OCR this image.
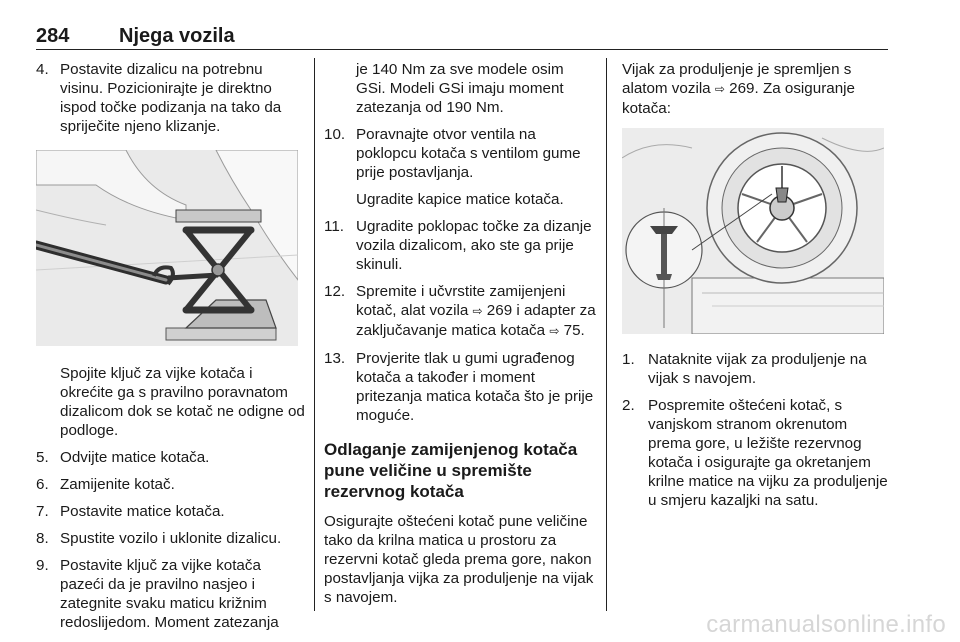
284 Njega vozila
4. Postavite dizalicu na potrebnu visinu. Pozicionirajte je direktno ispod točke podizanja na tako da spriječite njeno klizanje.
Spojite ključ za vijke kotača i okrećite ga s pravilno poravnatom dizalicom dok se kotač ne odigne od podloge.
5. Odvijte matice kotača.
6. Zamijenite kotač.
7. Postavite matice kotača.
8. Spustite vozilo i uklonite dizalicu.
9. Postavite ključ za vijke kotača pazeći da je pravilno nasjeo i zategnite svaku maticu križnim redoslijedom. Moment zatezanja
je 140 Nm za sve modele osim GSi. Modeli GSi imaju moment zatezanja od 190 Nm.
10. Poravnajte otvor ventila na poklopcu kotača s ventilom gume prije postavljanja.
Ugradite kapice matice kotača.
11. Ugradite poklopac točke za dizanje vozila dizalicom, ako ste ga prije skinuli.
12. Spremite i učvrstite zamijenjeni kotač, alat vozila ⇨ 269 i adapter za zaključavanje matica kotača ⇨ 75.
13. Provjerite tlak u gumi ugrađenog kotača a također i moment pritezanja matica kotača što je prije moguće.
Odlaganje zamijenjenog kotača pune veličine u spremište rezervnog kotača
Osigurajte oštećeni kotač pune veličine tako da krilna matica u prostoru za rezervni kotač gleda prema gore, nakon postavljanja vijka za produljenje na vijak s navojem.
Vijak za produljenje je spremljen s alatom vozila ⇨ 269. Za osiguranje kotača:
1. Nataknite vijak za produljenje na vijak s navojem.
2. Pospremite oštećeni kotač, s vanjskom stranom okrenutom prema gore, u ležište rezervnog kotača i osigurajte ga okretanjem krilne matice na vijku za produljenje u smjeru kazaljki na satu.
carmanualsonline.info
